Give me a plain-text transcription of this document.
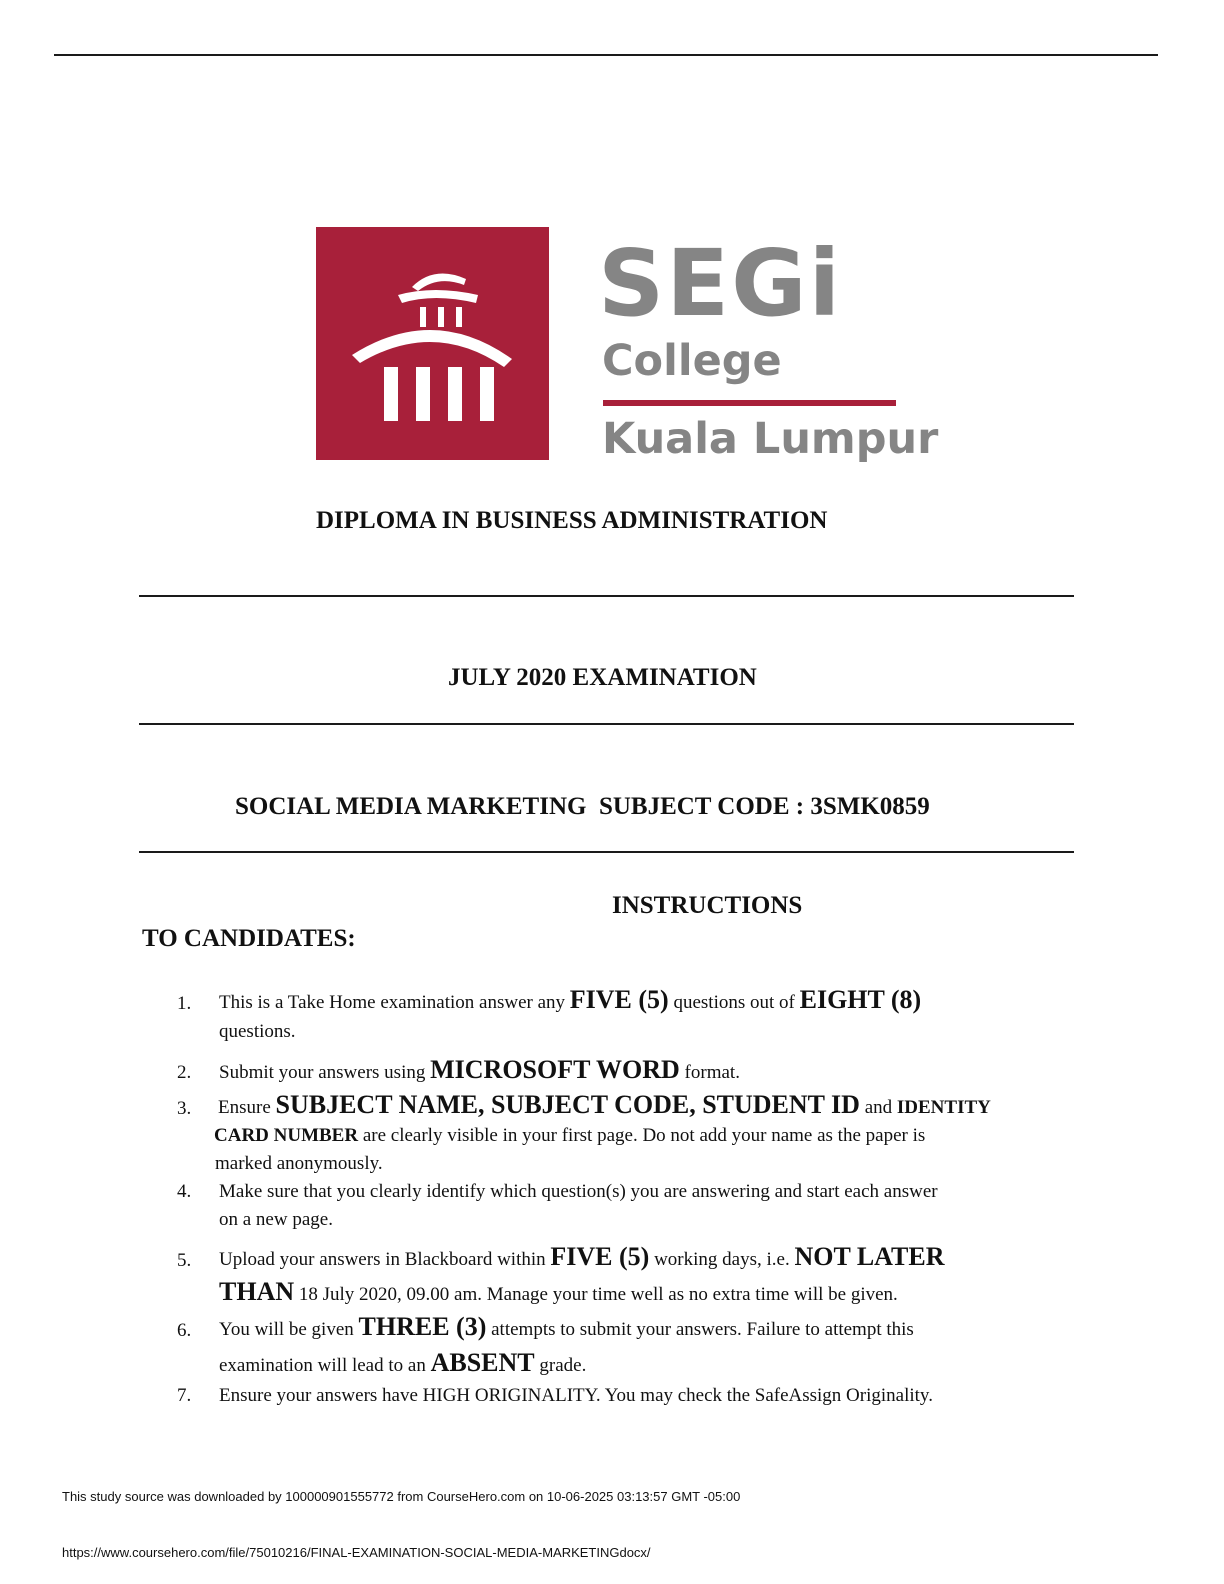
SEGi
College
Kuala Lumpur
DIPLOMA IN BUSINESS ADMINISTRATION
JULY 2020 EXAMINATION
SOCIAL MEDIA MARKETING  SUBJECT CODE : 3SMK0859
INSTRUCTIONS
TO CANDIDATES:
1. This is a Take Home examination answer any FIVE (5) questions out of EIGHT (8)
questions.
2. Submit your answers using MICROSOFT WORD format.
3. Ensure SUBJECT NAME, SUBJECT CODE, STUDENT ID and IDENTITY
CARD NUMBER are clearly visible in your first page. Do not add your name as the paper is
marked anonymously.
4. Make sure that you clearly identify which question(s) you are answering and start each answer
on a new page.
5. Upload your answers in Blackboard within FIVE (5) working days, i.e. NOT LATER
THAN 18 July 2020, 09.00 am. Manage your time well as no extra time will be given.
6. You will be given THREE (3) attempts to submit your answers. Failure to attempt this
examination will lead to an ABSENT grade.
7. Ensure your answers have HIGH ORIGINALITY. You may check the SafeAssign Originality.
This study source was downloaded by 100000901555772 from CourseHero.com on 10-06-2025 03:13:57 GMT -05:00
https://www.coursehero.com/file/75010216/FINAL-EXAMINATION-SOCIAL-MEDIA-MARKETINGdocx/
